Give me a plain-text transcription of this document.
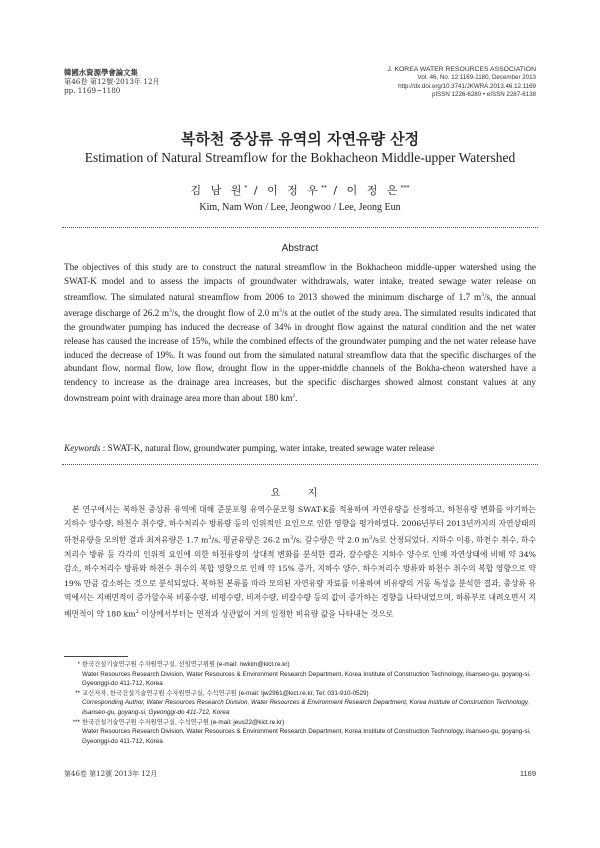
韓國水資源學會論文集
第46卷 第12號·2013年 12月
pp. 1169~1180
J. KOREA WATER RESOURCES ASSOCIATION
Vol. 46, No. 12:1169-1180, December 2013
http://dx.doi.org/10.3741/JKWRA.2013.46.12.1169
pISSN 1226-6280 • eISSN 2287-6138
복하천 중상류 유역의 자연유량 산정
Estimation of Natural Streamflow for the Bokhacheon Middle-upper Watershed
김 남 원* / 이 정 우** / 이 정 은***
Kim, Nam Won / Lee, Jeongwoo / Lee, Jeong Eun
Abstract

The objectives of this study are to construct the natural streamflow in the Bokhacheon middle-upper watershed using the SWAT-K model and to assess the impacts of groundwater withdrawals, water intake, treated sewage water release on streamflow. The simulated natural streamflow from 2006 to 2013 showed the minimum discharge of 1.7 $m^3/s$, the annual average discharge of 26.2 $m^3/s$, the drought flow of 2.0 $m^3/s$ at the outlet of the study area. The simulated results indicated that the groundwater pumping has induced the decrease of 34% in drought flow against the natural condition and the net water release has caused the increase of 15%, while the combined effects of the groundwater pumping and the net water release have induced the decrease of 19%. It was found out from the simulated natural streamflow data that the specific discharges of the abundant flow, normal flow, low flow, drought flow in the upper-middle channels of the Bokha-cheon watershed have a tendency to increase as the drainage area increases, but the specific discharges showed almost constant values at any downstream point with drainage area more than about 180 $km^2$.

Keywords : SWAT-K, natural flow, groundwater pumping, water intake, treated sewage water release
요 지

본 연구에서는 복하천 중상류 유역에 대해 준분포형 유역수문모형 SWAT-K를 적용하여 자연유량을 산정하고, 하천유량 변화를 야기하는 지하수 양수량, 하천수 취수량, 하수처리수 방류량 등의 인위적인 요인으로 인한 영향을 평가하였다. 2006년부터 2013년까지의 자연상태의 하천유량을 모의한 결과 최저유량은 1.7 $m^3/s$, 평균유량은 26.2 $m^3/s$, 갈수량은 약 2.0 $m^3/s$로 산정되었다. 지하수 이용, 하천수 취수, 하수처리수 방류 등 각각의 인위적 요인에 의한 하천유량의 상대적 변화를 분석한 결과, 갈수량은 지하수 양수로 인해 자연상태에 비해 약 34% 감소, 하수처리수 방류와 하천수 취수의 복합 영향으로 인해 약 15% 증가, 지하수 양수, 하수처리수 방류와 하천수 취수의 복합 영향으로 약 19% 만큼 감소하는 것으로 분석되었다. 복하천 본류를 따라 모의된 자연유량 자료를 이용하여 비유량의 거동 특성을 분석한 결과, 중상류 유역에서는 지배면적이 증가할수록 비풍수량, 비평수량, 비저수량, 비갈수량 등의 값이 증가하는 경향을 나타내었으며, 하류부로 내려오면서 지배면적이 약 180 $km^2$ 이상에서부터는 면적과 상관없이 거의 일정한 비유량 값을 나타내는 것으로

* 한국건설기술연구원 수자원연구실, 선임연구위원 (e-mail: nwkim@kict.re.kr)
Water Resources Research Division, Water Resources & Environment Research Department, Korea Institute of Construction Technology, ilsanseo-gu, goyang-si, Gyeonggi-do 411-712, Korea
** 교신저자, 한국건설기술연구원 수자원연구실, 수석연구원 (e-mail: ljw2961@kict.re.kr, Tel: 031-910-0529)
Corresponding Author, Water Resources Research Division, Water Resources & Environment Research Department, Korea Institute of Construction Technology, ilsanseo-gu, goyang-si, Gyeonggi-do 411-712, Korea
*** 한국건설기술연구원 수자원연구실, 수석연구원 (e-mail: jeus22@kict.re.kr)
Water Resources Research Division, Water Resources & Environment Research Department, Korea Institute of Construction Technology, ilsanseo-gu, goyang-si, Gyeonggi-do 411-712, Korea
第46卷 第12號 2013年 12月	1169
